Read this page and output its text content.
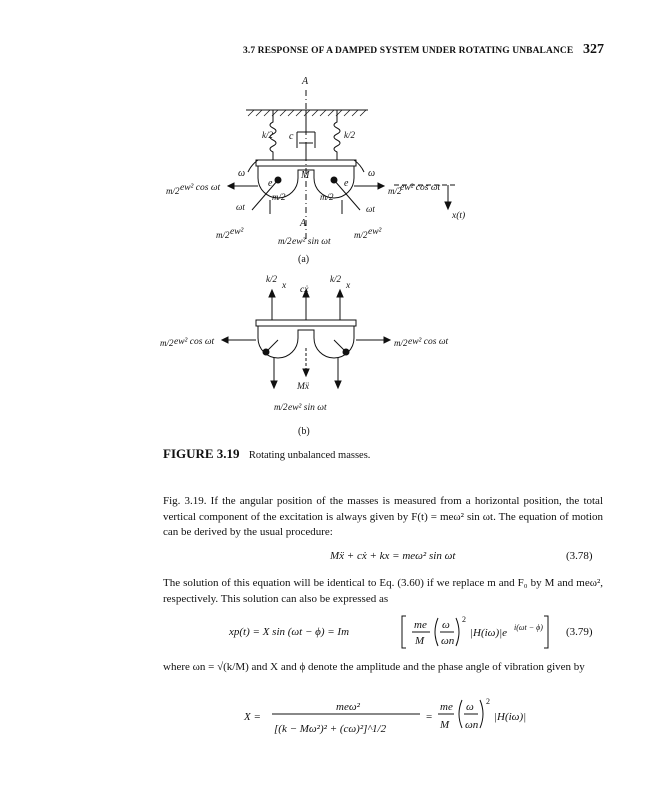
3.7 RESPONSE OF A DAMPED SYSTEM UNDER ROTATING UNBALANCE 327
A
A
c
M
ω	ω
e	e
k/2	k/2
m/2	m/2
ωt	ωt
m/2 ew² cos ωt	m/2
ew² cos ωt
x(t)
m/2 ew²	m/2 ew²
m/2 ew² sin ωt
(a)
x cẋ	x
k/2	k/2
m/2 ew² cos ωt	m/2 ew² cos ωt
Mẍ
m/2 ew² sin ωt
(b)
FIGURE 3.19 Rotating unbalanced masses.
Fig. 3.19. If the angular position of the masses is measured from a horizontal position, the total vertical component of the excitation is always given by F(t) = meω² sin ωt. The equation of motion can be derived by the usual procedure:
Mẍ + cẋ + kx = meω² sin ωt	(3.78)
The solution of this equation will be identical to Eq. (3.60) if we replace m and F₀ by M and meω², respectively. This solution can also be expressed as
xp(t) = X sin (ωt − ϕ) = Im
me
M
ω
ωn
2
|H(iω)|e i(ωt − ϕ) (3.79)
where ωn = √(k/M) and X and ϕ denote the amplitude and the phase angle of vibration given by
X =
meω²
[(k − Mω²)² + (cω)²]^1/2
=
me
M
ω
ωn
2
|H(iω)|
